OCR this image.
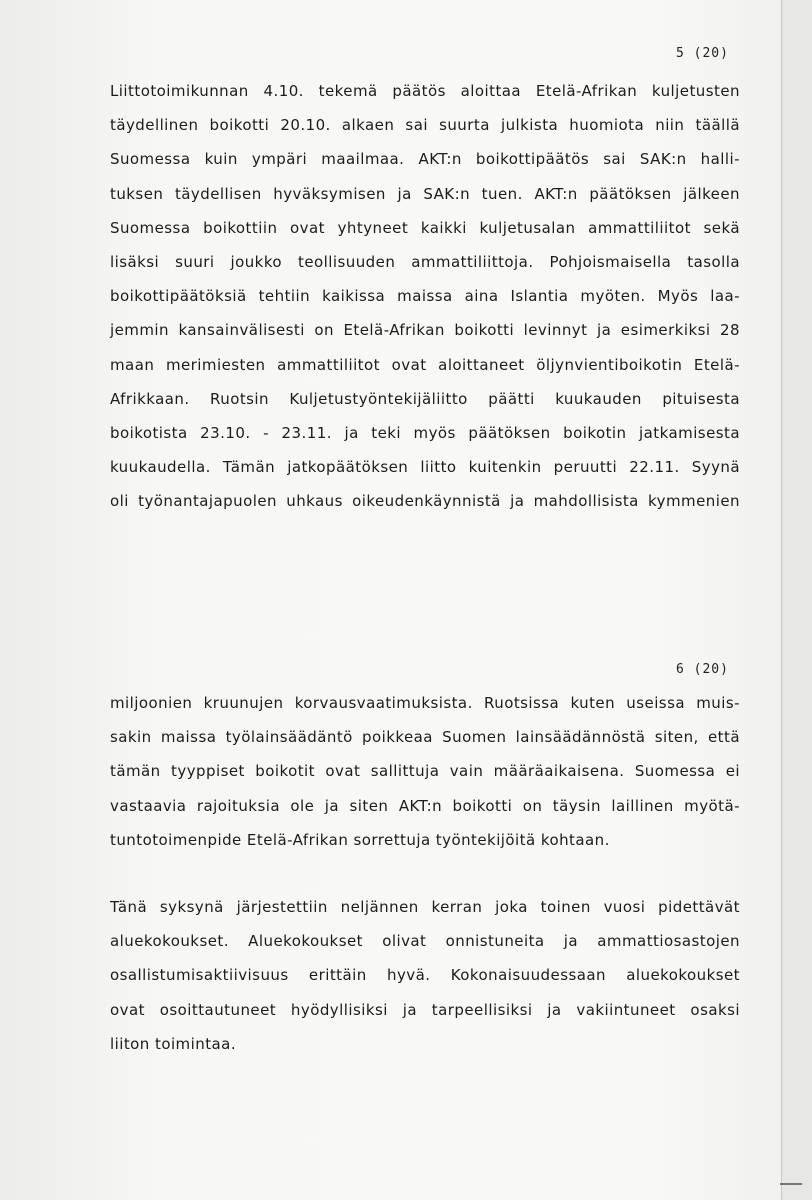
5 (20)
Liittotoimikunnan 4.10. tekemä päätös aloittaa Etelä-Afrikan kuljetusten
täydellinen boikotti 20.10. alkaen sai suurta julkista huomiota niin täällä
Suomessa kuin ympäri maailmaa. AKT:n boikottipäätös sai SAK:n halli-
tuksen täydellisen hyväksymisen ja SAK:n tuen. AKT:n päätöksen jälkeen
Suomessa boikottiin ovat yhtyneet kaikki kuljetusalan ammattiliitot sekä
lisäksi suuri joukko teollisuuden ammattiliittoja. Pohjoismaisella tasolla
boikottipäätöksiä tehtiin kaikissa maissa aina Islantia myöten. Myös laa-
jemmin kansainvälisesti on Etelä-Afrikan boikotti levinnyt ja esimerkiksi 28
maan merimiesten ammattiliitot ovat aloittaneet öljynvientiboikotin Etelä-
Afrikkaan. Ruotsin Kuljetustyöntekijäliitto päätti kuukauden pituisesta
boikotista 23.10. - 23.11. ja teki myös päätöksen boikotin jatkamisesta
kuukaudella. Tämän jatkopäätöksen liitto kuitenkin peruutti 22.11. Syynä
oli työnantajapuolen uhkaus oikeudenkäynnistä ja mahdollisista kymmenien
6 (20)
miljoonien kruunujen korvausvaatimuksista. Ruotsissa kuten useissa muis-
sakin maissa työlainsäädäntö poikkeaa Suomen lainsäädännöstä siten, että
tämän tyyppiset boikotit ovat sallittuja vain määräaikaisena. Suomessa ei
vastaavia rajoituksia ole ja siten AKT:n boikotti on täysin laillinen myötä-
tuntotoimenpide Etelä-Afrikan sorrettuja työntekijöitä kohtaan.
Tänä syksynä järjestettiin neljännen kerran joka toinen vuosi pidettävät
aluekokoukset. Aluekokoukset olivat onnistuneita ja ammattiosastojen
osallistumisaktiivisuus erittäin hyvä. Kokonaisuudessaan aluekokoukset
ovat osoittautuneet hyödyllisiksi ja tarpeellisiksi ja vakiintuneet osaksi
liiton toimintaa.
